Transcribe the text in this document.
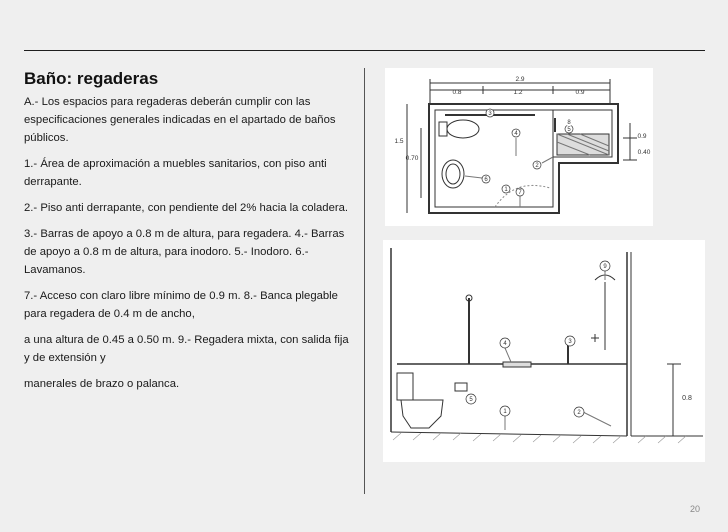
Baño: regaderas

A.- Los espacios para regaderas deberán cumplir con las especificaciones generales indicadas en el apartado de baños públicos.

1.- Área de aproximación a muebles sanitarios, con piso anti derrapante.

2.- Piso anti derrapante, con pendiente del 2% hacia la coladera.

3.- Barras de apoyo a 0.8 m de altura, para regadera. 4.- Barras de apoyo a 0.8 m de altura, para inodoro. 5.- Inodoro. 6.- Lavamanos.

7.- Acceso con claro libre mínimo de 0.9 m. 8.- Banca plegable para regadera de 0.4 m de ancho,

a una altura de 0.45 a 0.50 m. 9.- Regadera mixta, con salida fija y de extensión y

manerales de brazo o palanca.

2.9
0.8	1.2	0.9
1.5
0.70
0.9
0.40
3
4
5
8
2
6
1 7
9
3
4
5
1	2
0.8
20
